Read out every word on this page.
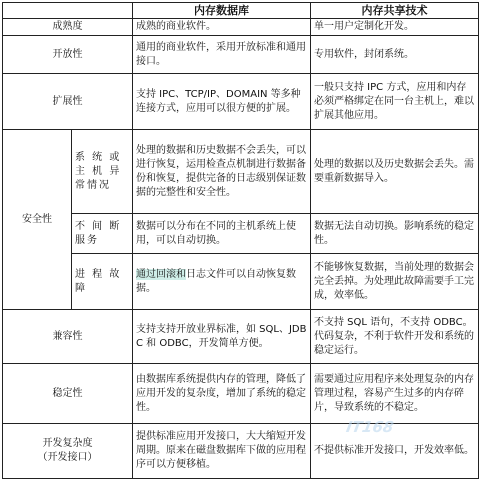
		内存数据库	内存共享技术
成熟度		成熟的商业软件。	单一用户定制化开发。
开放性		通用的商业软件，采用开放标准和通用接口。	专用软件，封闭系统。
扩展性		支持 IPC、TCP/IP、DOMAIN 等多种连接方式，应用可以很方便的扩展。	一般只支持 IPC 方式，应用和内存必须严格绑定在同一台主机上，难以扩展其他应用。
安全性	系 统 或 主 机 异 常情况	处理的数据和历史数据不会丢失，可以进行恢复，运用检查点机制进行数据备份和恢复，提供完备的日志级别保证数据的完整性和安全性。	处理的数据以及历史数据会丢失。需要重新数据导入。
	不 间 断 服务	数据可以分布在不同的主机系统上使用，可以自动切换。	数据无法自动切换。影响系统的稳定性。
	进 程 故 障	通过回滚和日志文件可以自动恢复数据。	不能够恢复数据，当前处理的数据会完全丢掉。为处理此故障需要手工完成，效率低。
兼容性		支持支持开放业界标准，如 SQL、JDBC 和 ODBC，开发简单方便。	不支持 SQL 语句，不支持 ODBC。代码复杂，不利于软件开发和系统的稳定运行。
稳定性		由数据库系统提供内存的管理，降低了应用开发的复杂度，增加了系统的稳定性。	需要通过应用程序来处理复杂的内存管理过程，容易产生过多的内存碎片，导致系统的不稳定。

开发复杂度
（开发接口）		提供标准应用开发接口，大大缩短开发周期。原来在磁盘数据库下做的应用程序可以方便移植。	不提供标准开发接口，开发效率低。
IT168
